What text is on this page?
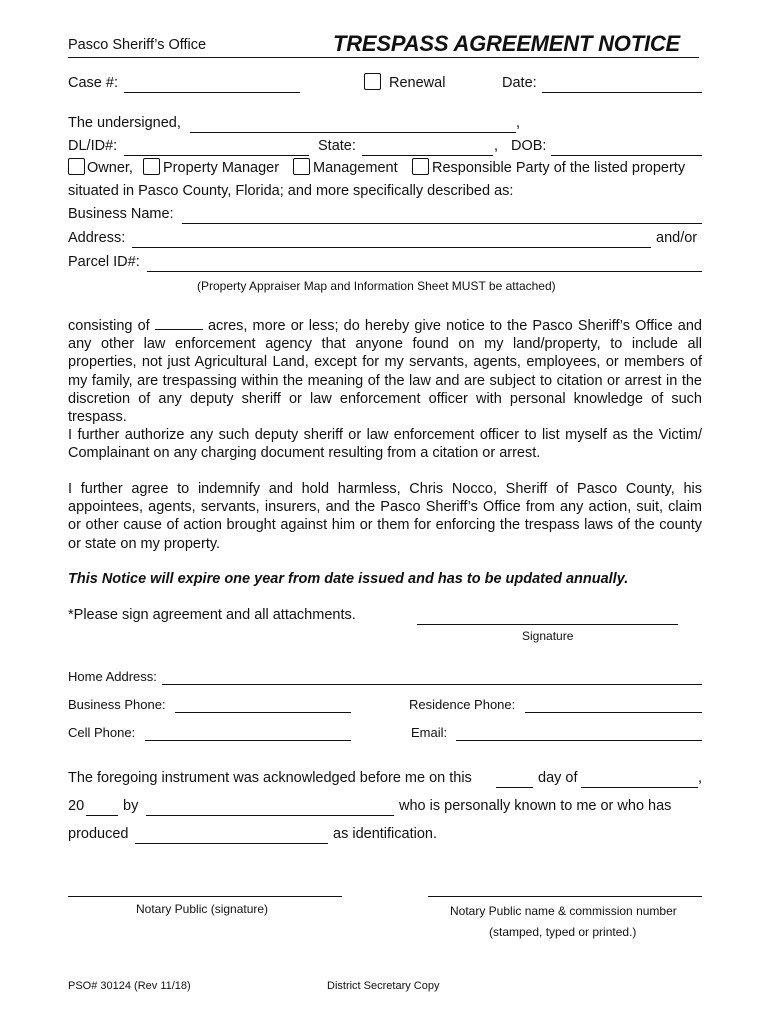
Pasco Sheriff’s Office	TRESPASS AGREEMENT NOTICE
Case #:	Renewal	Date:
The undersigned,	,
DL/ID#:	State:	, DOB:
Owner, Property Manager Management Responsible Party of the listed property
situated in Pasco County, Florida; and more specifically described as:
Business Name:
Address:	and/or
Parcel ID#:
(Property Appraiser Map and Information Sheet MUST be attached)

consisting of	acres, more or less; do hereby give notice to the Pasco Sheriff’s Office and any other law enforcement agency that anyone found on my land/property, to include all properties, not just Agricultural Land, except for my servants, agents, employees, or members of my family, are trespassing within the meaning of the law and are subject to citation or arrest in the discretion of any deputy sheriff or law enforcement officer with personal knowledge of such trespass.

I further authorize any such deputy sheriff or law enforcement officer to list myself as the Victim/ Complainant on any charging document resulting from a citation or arrest.

I further agree to indemnify and hold harmless, Chris Nocco, Sheriff of Pasco County, his appointees, agents, servants, insurers, and the Pasco Sheriff’s Office from any action, suit, claim or other cause of action brought against him or them for enforcing the trespass laws of the county or state on my property.

This Notice will expire one year from date issued and has to be updated annually.
*Please sign agreement and all attachments.
Signature
Home Address:
Business Phone:	Residence Phone:
Cell Phone:	Email:
The foregoing instrument was acknowledged before me on this	day of	,
20	by	who is personally known to me or who has
produced	as identification.
Notary Public (signature)	Notary Public name & commission number
(stamped, typed or printed.)
PSO# 30124 (Rev 11/18)	District Secretary Copy
